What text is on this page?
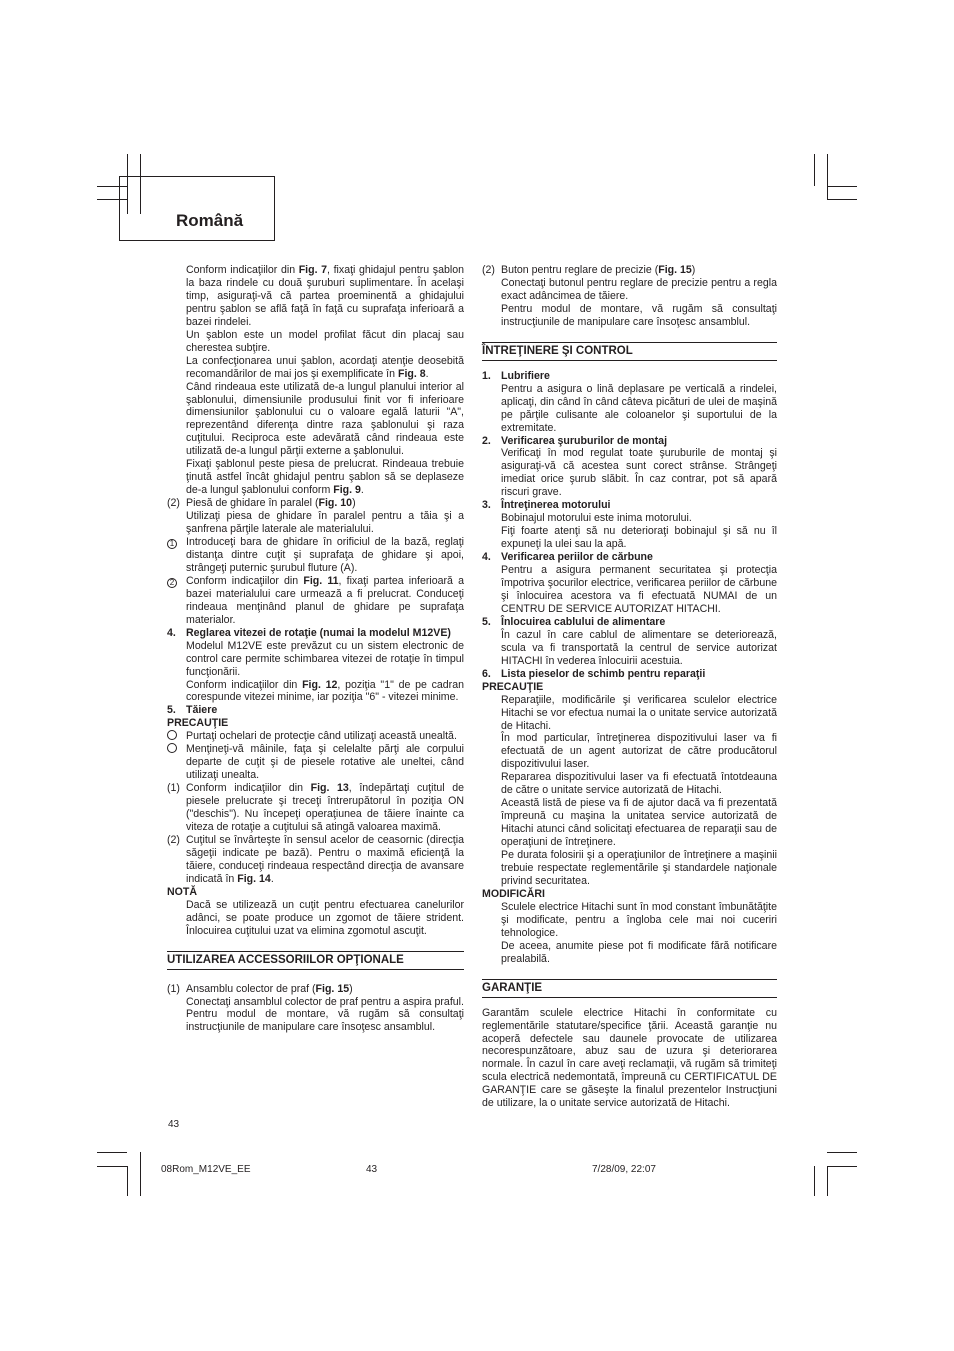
Română

Conform indicaţiilor din Fig. 7, fixaţi ghidajul pentru şablon la baza rindele cu două şuruburi suplimentare. În acelaşi timp, asiguraţi-vă că partea proeminentă a ghidajului pentru şablon se află faţă în faţă cu suprafaţa inferioară a bazei rindelei.

Un şablon este un model profilat făcut din placaj sau cherestea subţire.

La confecţionarea unui şablon, acordaţi atenţie deosebită recomandărilor de mai jos şi exemplificate în Fig. 8.

Când rindeaua este utilizată de-a lungul planului interior al şablonului, dimensiunile produsului finit vor fi inferioare dimensiunilor şablonului cu o valoare egală laturii "A", reprezentând diferenţa dintre raza şablonului şi raza cuţitului. Reciproca este adevărată când rindeaua este utilizată de-a lungul părţii externe a şablonului.

Fixaţi şablonul peste piesa de prelucrat. Rindeaua trebuie ţinută astfel încât ghidajul pentru şablon să se deplaseze de-a lungul şablonului conform Fig. 9.

(2) Piesă de ghidare în paralel (Fig. 10)

Utilizaţi piesa de ghidare în paralel pentru a tăia şi a şanfrena părţile laterale ale materialului.

1	Introduceţi bara de ghidare în orificiul de la bază, reglaţi distanţa dintre cuţit şi suprafaţa de ghidare şi apoi, strângeţi puternic şurubul fluture (A).
2	Conform indicaţiilor din Fig. 11, fixaţi partea inferioară a bazei materialului care urmează a fi prelucrat. Conduceţi rindeaua menţinând planul de ghidare pe suprafaţa materialor.
4. Reglarea vitezei de rotaţie (numai la modelul M12VE)

Modelul M12VE este prevăzut cu un sistem electronic de control care permite schimbarea vitezei de rotaţie în timpul funcţionării.

Conform indicaţiilor din Fig. 12, poziţia "1" de pe cadran corespunde vitezei minime, iar poziţia "6" - vitezei minime.

5. Tăiere
PRECAUŢIE
Purtaţi ochelari de protecţie când utilizaţi această unealtă.
Menţineţi-vă mâinile, faţa şi celelalte părţi ale corpului departe de cuţit şi de piesele rotative ale uneltei, când utilizaţi unealta.
(1) Conform indicaţiilor din Fig. 13, îndepărtaţi cuţitul de piesele prelucrate şi treceţi întrerupătorul în poziţia ON ("deschis"). Nu începeţi operaţiunea de tăiere înainte ca viteza de rotaţie a cuţitului să atingă valoarea maximă.
(2) Cuţitul se învârteşte în sensul acelor de ceasornic (direcţia săgeţii indicate pe bază). Pentru o maximă eficienţă la tăiere, conduceţi rindeaua respectând direcţia de avansare indicată în Fig. 14.
NOTĂ

Dacă se utilizează un cuţit pentru efectuarea canelurilor adânci, se poate produce un zgomot de tăiere strident. Înlocuirea cuţitului uzat va elimina zgomotul ascuţit.

UTILIZAREA ACCESSORIILOR OPŢIONALE
(1) Ansamblu colector de praf (Fig. 15)

Conectaţi ansamblul colector de praf pentru a aspira praful.

Pentru modul de montare, vă rugăm să consultaţi instrucţiunile de manipulare care însoţesc ansamblul.

(2) Buton pentru reglare de precizie (Fig. 15)

Conectaţi butonul pentru reglare de precizie pentru a regla exact adâncimea de tăiere.

Pentru modul de montare, vă rugăm să consultaţi instrucţiunile de manipulare care însoţesc ansamblul.

ÎNTREŢINERE ŞI CONTROL
1. Lubrifiere

Pentru a asigura o lină deplasare pe verticală a rindelei, aplicaţi, din când în când câteva picături de ulei de maşină pe părţile culisante ale coloanelor şi suportului de la extremitate.

2. Verificarea şuruburilor de montaj

Verificaţi în mod regulat toate şuruburile de montaj şi asiguraţi-vă că acestea sunt corect strânse. Strângeţi imediat orice şurub slăbit. În caz contrar, pot să apară riscuri grave.

3. Întreţinerea motorului

Bobinajul motorului este inima motorului.

Fiţi foarte atenţi să nu deterioraţi bobinajul şi să nu îl expuneţi la ulei sau la apă.

4. Verificarea periilor de cărbune

Pentru a asigura permanent securitatea şi protecţia împotriva şocurilor electrice, verificarea periilor de cărbune şi înlocuirea acestora va fi efectuată NUMAI de un CENTRU DE SERVICE AUTORIZAT HITACHI.

5. Înlocuirea cablului de alimentare

În cazul în care cablul de alimentare se deteriorează, scula va fi transportată la centrul de service autorizat HITACHI în vederea înlocuirii acestuia.

6. Lista pieselor de schimb pentru reparaţii
PRECAUŢIE

Reparaţiile, modificările şi verificarea sculelor electrice Hitachi se vor efectua numai la o unitate service autorizată de Hitachi.

În mod particular, întreţinerea dispozitivului laser va fi efectuată de un agent autorizat de către producătorul dispozitivului laser.

Repararea dispozitivului laser va fi efectuată întotdeauna de către o unitate service autorizată de Hitachi.

Această listă de piese va fi de ajutor dacă va fi prezentată împreună cu maşina la unitatea service autorizată de Hitachi atunci când solicitaţi efectuarea de reparaţii sau de operaţiuni de întreţinere.

Pe durata folosirii şi a operaţiunilor de întreţinere a maşinii trebuie respectate reglementările şi standardele naţionale privind securitatea.

MODIFICĂRI

Sculele electrice Hitachi sunt în mod constant îmbunătăţite şi modificate, pentru a îngloba cele mai noi cuceriri tehnologice.

De aceea, anumite piese pot fi modificate fără notificare prealabilă.

GARANŢIE

Garantăm sculele electrice Hitachi în conformitate cu reglementările statutare/specifice ţării. Această garanţie nu acoperă defectele sau daunele provocate de utilizarea necorespunzătoare, abuz sau de uzura şi deteriorarea normale. În cazul în care aveţi reclamaţii, vă rugăm să trimiteţi scula electrică nedemontată, împreună cu CERTIFICATUL DE GARANŢIE care se găseşte la finalul prezentelor Instrucţiuni de utilizare, la o unitate service autorizată de Hitachi.

43
08Rom_M12VE_EE	43	7/28/09, 22:07
